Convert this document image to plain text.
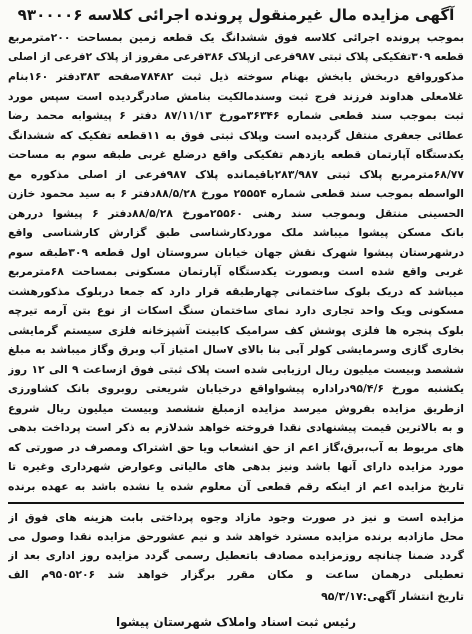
آگهی مزایده مال غیرمنقول پرونده اجرائی کلاسه ۹۳۰۰۰۰۶
بموجب پرونده اجرائی کلاسه فوق ششدانگ یک قطعه زمین بمساحت ۲۰۰مترمربع
قطعه ۳۰۹تفکیکی پلاک ثبتی ۹۸۷فرعی ازپلاک ۳۸۶فرعی مفروز از پلاک ۲فرعی از اصلی
مذکورواقع دربخش یابخش بهنام سوخته ذیل ثبت ۷۸۴۸۲صفحه ۳۸۳دفتر ۱۶۰بنام
غلامعلی هداوند فرزند فرج ثبت وسندمالکیت بنامش صادرگردیده است سپس مورد
ثبت بموجب سند قطعی شماره ۳۶۳۴۶مورخ ۸۷/۱۱/۱۳ دفتر ۶ پیشوابه محمد رضا
عطائی جعفری منتقل گردیده است وپلاک ثبتی فوق به ۱۱قطعه تفکیک که ششدانگ
یکدستگاه آپارتمان قطعه یازدهم تفکیکی واقع درضلع غربی طبقه سوم به مساحت
۶۸/۷۷مترمربع پلاک ثبتی ۲۸۳/۹۸۷باقیمانده پلاک ۹۸۷فرعی از اصلی مذکوره مع
الواسطه بموجب سند قطعی شماره ۲۵۵۵۴ مورخ ۸۸/۵/۲۸دفتر ۶ به سید محمود خازن
الحسینی منتقل وبموجب سند رهنی ۲۵۵۶۰مورخ ۸۸/۵/۲۸دفتر ۶ پیشوا دررهن
بانک مسکن پیشوا میباشد ملک موردکارشناسی طبق گزارش کارشناسی واقع
درشهرستان پیشوا شهرک نقش جهان خیابان سروستان اول قطعه ۳۰۹طبقه سوم
غربی واقع شده است وبصورت یکدستگاه آپارتمان مسکونی بمساحت ۶۸مترمربع
میباشد که دریک بلوک ساختمانی چهارطبقه قرار دارد که جمعا دربلوک مذکورهشت
مسکونی ویک واحد تجاری دارد نمای ساختمان سنگ اسکات از نوع بتن آرمه تیرچه
بلوک پنجره ها فلزی پوشش کف سرامیک کابینت آشپزخانه فلزی سیستم گرمایشی
بخاری گازی وسرمایشی کولر آبی بنا بالای ۷سال امتیاز آب وبرق وگاز میباشد به مبلغ
ششصد وبیست میلیون ریال ارزیابی شده است پلاک ثبتی فوق ازساعت ۹ الی ۱۲ روز
یکشنبه مورخ ۹۵/۴/۶دراداره پیشواواقع درخیابان شریعتی روبروی بانک کشاورزی
ازطریق مزایده بفروش میرسد مزایده ازمبلغ ششصد وبیست میلیون ریال شروع
و به بالاترین قیمت پیشنهادی نقدا فروخته خواهد شدلازم به ذکر است پرداخت بدهی
های مربوط به آب،برق،گاز اعم از حق انشعاب ویا حق اشتراک ومصرف در صورتی که
مورد مزایده دارای آنها باشد ونیز بدهی های مالیاتی وعوارض شهرداری وغیره تا
تاریخ مزایده اعم از اینکه رقم قطعی آن معلوم شده یا نشده باشد به عهده برنده
مزایده است و نیز در صورت وجود مازاد وجوه پرداختی بابت هزینه های فوق از
محل مازادبه برنده مزایده مسترد خواهد شد و نیم عشورحق مزایده نقدا وصول می
گردد ضمنا چنانچه روزمزایده مصادف باتعطیل رسمی گردد مزایده روز اداری بعد از
تعطیلی درهمان ساعت و مکان مقرر برگزار خواهد شد ۹۵۰۵۲۰۶م الف
تاریخ انتشار آگهی:۹۵/۳/۱۷
رئیس ثبت اسناد واملاک شهرستان پیشوا
